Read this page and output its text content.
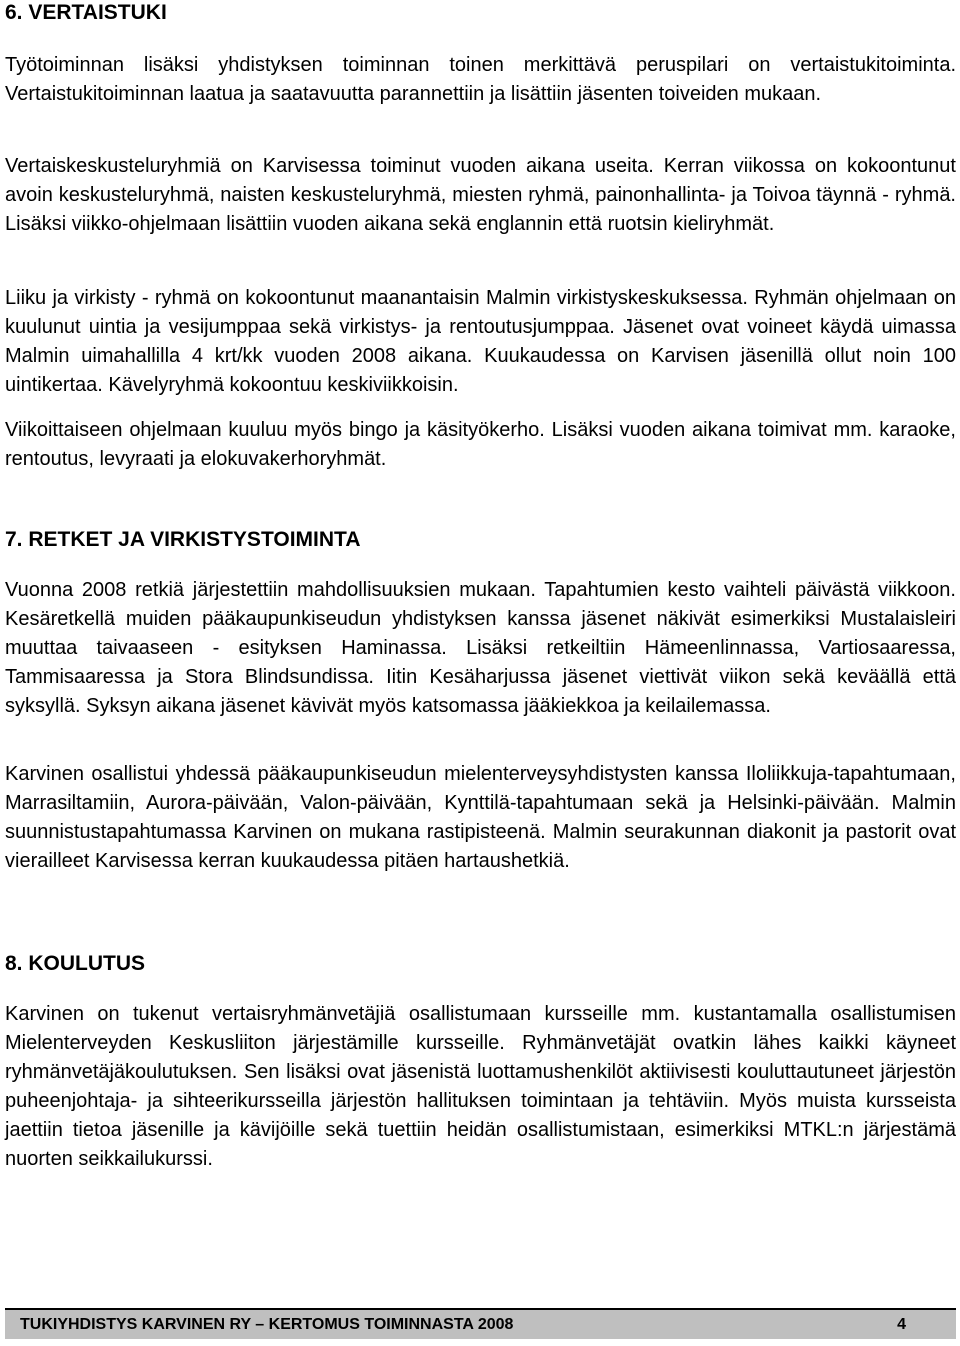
6. VERTAISTUKI

Työtoiminnan lisäksi yhdistyksen toiminnan toinen merkittävä peruspilari on vertaistukitoiminta. Vertaistukitoiminnan laatua ja saatavuutta parannettiin ja lisättiin jäsenten toiveiden mukaan.

Vertaiskeskusteluryhmiä on Karvisessa toiminut vuoden aikana useita. Kerran viikossa on kokoontunut avoin keskusteluryhmä, naisten keskusteluryhmä, miesten ryhmä, painonhallinta- ja Toivoa täynnä - ryhmä. Lisäksi viikko-ohjelmaan lisättiin vuoden aikana sekä englannin että ruotsin kieliryhmät.

Liiku ja virkisty - ryhmä on kokoontunut maanantaisin Malmin virkistyskeskuksessa. Ryhmän ohjelmaan on kuulunut uintia ja vesijumppaa sekä virkistys- ja rentoutusjumppaa. Jäsenet ovat voineet käydä uimassa Malmin uimahallilla 4 krt/kk vuoden 2008 aikana. Kuukaudessa on Karvisen jäsenillä ollut noin 100 uintikertaa. Kävelyryhmä kokoontuu keskiviikkoisin.

Viikoittaiseen ohjelmaan kuuluu myös bingo ja käsityökerho. Lisäksi vuoden aikana toimivat mm. karaoke, rentoutus, levyraati ja elokuvakerhoryhmät.

7. RETKET JA VIRKISTYSTOIMINTA

Vuonna 2008 retkiä järjestettiin mahdollisuuksien mukaan. Tapahtumien kesto vaihteli päivästä viikkoon. Kesäretkellä muiden pääkaupunkiseudun yhdistyksen kanssa jäsenet näkivät esimerkiksi Mustalaisleiri muuttaa taivaaseen - esityksen Haminassa. Lisäksi retkeiltiin Hämeenlinnassa, Vartiosaaressa, Tammisaaressa ja Stora Blindsundissa. Iitin Kesäharjussa jäsenet viettivät viikon sekä keväällä että syksyllä. Syksyn aikana jäsenet kävivät myös katsomassa jääkiekkoa ja keilailemassa.

Karvinen osallistui yhdessä pääkaupunkiseudun mielenterveysyhdistysten kanssa Iloliikkuja-tapahtumaan, Marrasiltamiin, Aurora-päivään, Valon-päivään, Kynttilä-tapahtumaan sekä ja Helsinki-päivään. Malmin suunnistustapahtumassa Karvinen on mukana rastipisteenä. Malmin seurakunnan diakonit ja pastorit ovat vierailleet Karvisessa kerran kuukaudessa pitäen hartaushetkiä.

8. KOULUTUS

Karvinen on tukenut vertaisryhmänvetäjiä osallistumaan kursseille mm. kustantamalla osallistumisen Mielenterveyden Keskusliiton järjestämille kursseille. Ryhmänvetäjät ovatkin lähes kaikki käyneet ryhmänvetäjäkoulutuksen. Sen lisäksi ovat jäsenistä luottamushenkilöt aktiivisesti kouluttautuneet järjestön puheenjohtaja- ja sihteerikursseilla järjestön hallituksen toimintaan ja tehtäviin. Myös muista kursseista jaettiin tietoa jäsenille ja kävijöille sekä tuettiin heidän osallistumistaan, esimerkiksi MTKL:n järjestämä nuorten seikkailukurssi.

TUKIYHDISTYS KARVINEN RY – KERTOMUS TOIMINNASTA 2008	4
